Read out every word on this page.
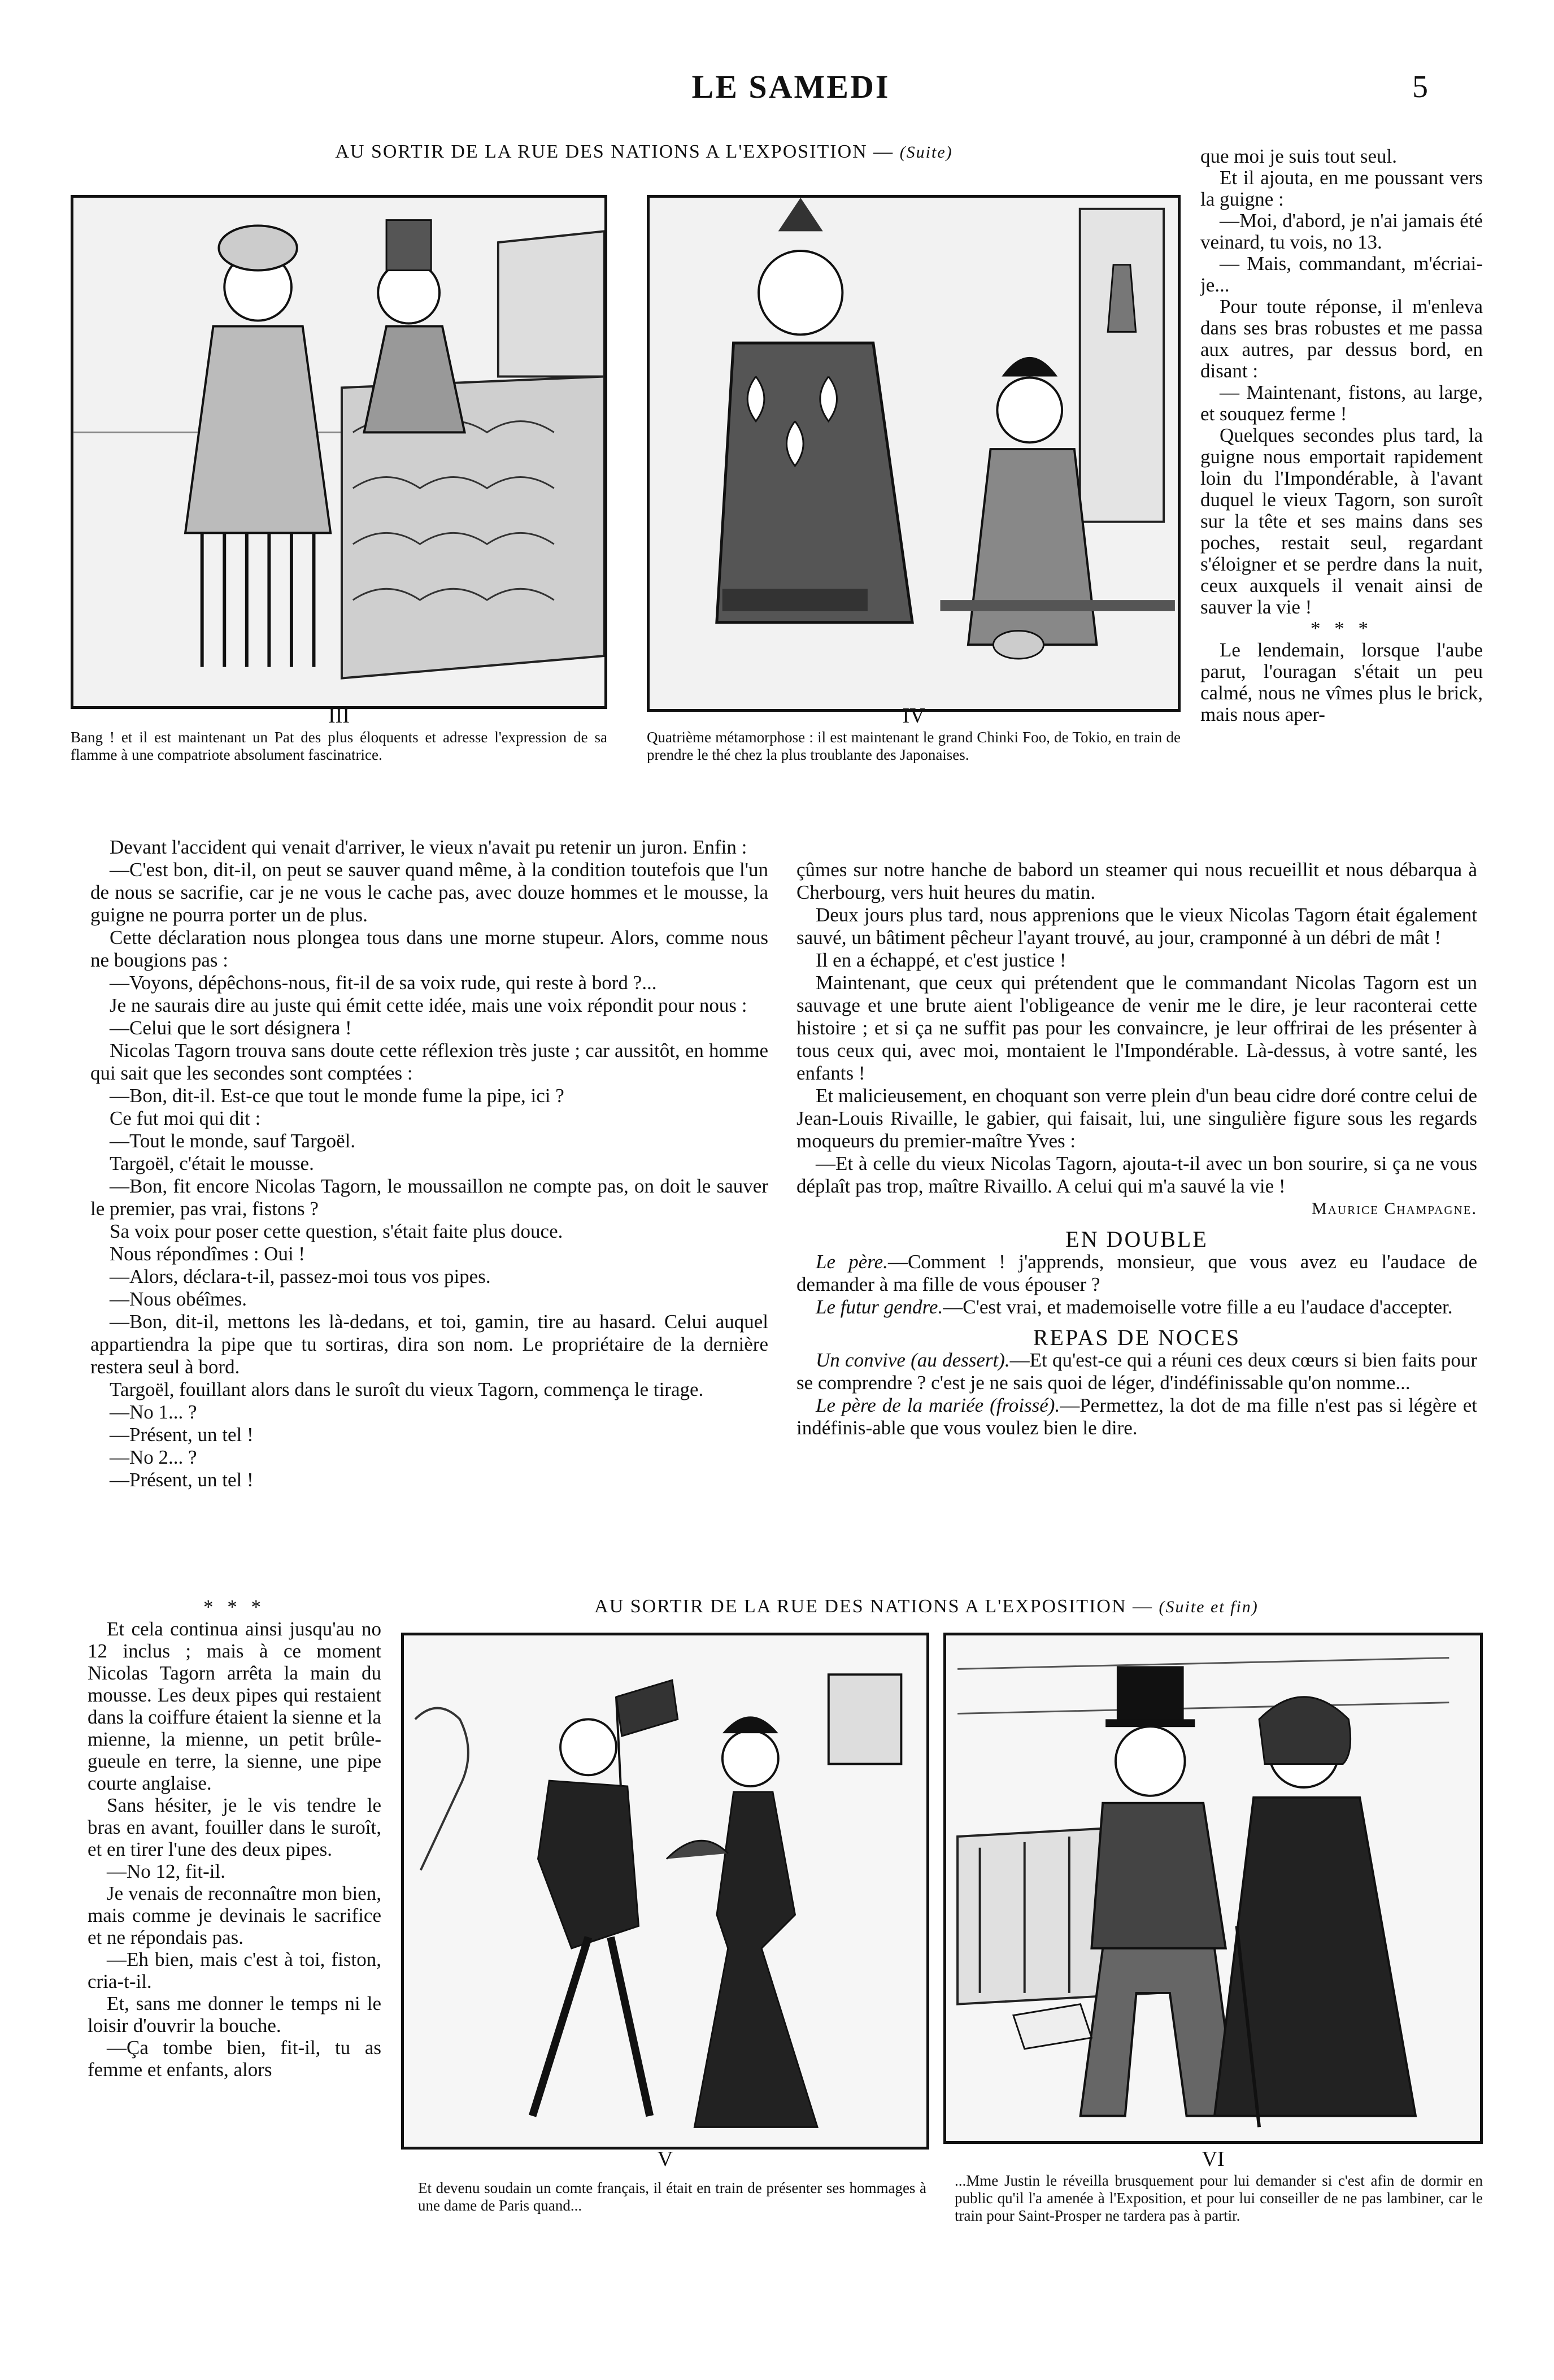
LE SAMEDI	5
AU SORTIR DE LA RUE DES NATIONS A L'EXPOSITION — (Suite)
III
Bang ! et il est maintenant un Pat des plus éloquents et adresse l'expression de sa flamme à une compatriote absolument fascinatrice.
IV
Quatrième métamorphose : il est maintenant le grand Chinki Foo, de Tokio, en train de prendre le thé chez la plus troublante des Japonaises.

que moi je suis tout seul.

Et il ajouta, en me poussant vers la guigne :

—Moi, d'abord, je n'ai jamais été veinard, tu vois, no 13.

— Mais, commandant, m'écriai-je...

Pour toute réponse, il m'enleva dans ses bras robustes et me passa aux autres, par dessus bord, en disant :

— Maintenant, fistons, au large, et souquez ferme !

Quelques secondes plus tard, la guigne nous emportait rapidement loin du l'Impondérable, à l'avant duquel le vieux Tagorn, son suroît sur la tête et ses mains dans ses poches, restait seul, regardant s'éloigner et se perdre dans la nuit, ceux auxquels il venait ainsi de sauver la vie !

* * *

Le lendemain, lorsque l'aube parut, l'ouragan s'était un peu calmé, nous ne vîmes plus le brick, mais nous aper-

Devant l'accident qui venait d'arriver, le vieux n'avait pu retenir un juron. Enfin :

—C'est bon, dit-il, on peut se sauver quand même, à la condition toutefois que l'un de nous se sacrifie, car je ne vous le cache pas, avec douze hommes et le mousse, la guigne ne pourra porter un de plus.

Cette déclaration nous plongea tous dans une morne stupeur. Alors, comme nous ne bougions pas :

—Voyons, dépêchons-nous, fit-il de sa voix rude, qui reste à bord ?...

Je ne saurais dire au juste qui émit cette idée, mais une voix répondit pour nous :

—Celui que le sort désignera !

Nicolas Tagorn trouva sans doute cette réflexion très juste ; car aussitôt, en homme qui sait que les secondes sont comptées :

—Bon, dit-il. Est-ce que tout le monde fume la pipe, ici ?

Ce fut moi qui dit :

—Tout le monde, sauf Targoël.

Targoël, c'était le mousse.

—Bon, fit encore Nicolas Tagorn, le moussaillon ne compte pas, on doit le sauver le premier, pas vrai, fistons ?

Sa voix pour poser cette question, s'était faite plus douce.

Nous répondîmes : Oui !

—Alors, déclara-t-il, passez-moi tous vos pipes.

—Nous obéîmes.

—Bon, dit-il, mettons les là-dedans, et toi, gamin, tire au hasard. Celui auquel appartiendra la pipe que tu sortiras, dira son nom. Le propriétaire de la dernière restera seul à bord.

Targoël, fouillant alors dans le suroît du vieux Tagorn, commença le tirage.

—No 1... ?

—Présent, un tel !

—No 2... ?

—Présent, un tel !

çûmes sur notre hanche de babord un steamer qui nous recueillit et nous débarqua à Cherbourg, vers huit heures du matin.

Deux jours plus tard, nous apprenions que le vieux Nicolas Tagorn était également sauvé, un bâtiment pêcheur l'ayant trouvé, au jour, cramponné à un débri de mât !

Il en a échappé, et c'est justice !

Maintenant, que ceux qui prétendent que le commandant Nicolas Tagorn est un sauvage et une brute aient l'obligeance de venir me le dire, je leur raconterai cette histoire ; et si ça ne suffit pas pour les convaincre, je leur offrirai de les présenter à tous ceux qui, avec moi, montaient le l'Impondérable. Là-dessus, à votre santé, les enfants !

Et malicieusement, en choquant son verre plein d'un beau cidre doré contre celui de Jean-Louis Rivaille, le gabier, qui faisait, lui, une singulière figure sous les regards moqueurs du premier-maître Yves :

—Et à celle du vieux Nicolas Tagorn, ajouta-t-il avec un bon sourire, si ça ne vous déplaît pas trop, maître Rivaillo. A celui qui m'a sauvé la vie !

Maurice Champagne.
EN DOUBLE

Le père.—Comment ! j'apprends, monsieur, que vous avez eu l'audace de demander à ma fille de vous épouser ?

Le futur gendre.—C'est vrai, et mademoiselle votre fille a eu l'audace d'accepter.

REPAS DE NOCES

Un convive (au dessert).—Et qu'est-ce qui a réuni ces deux cœurs si bien faits pour se comprendre ? c'est je ne sais quoi de léger, d'indéfinissable qu'on nomme...

Le père de la mariée (froissé).—Permettez, la dot de ma fille n'est pas si légère et indéfinis-able que vous voulez bien le dire.

AU SORTIR DE LA RUE DES NATIONS A L'EXPOSITION — (Suite et fin)

* * *

Et cela continua ainsi jusqu'au no 12 inclus ; mais à ce moment Nicolas Tagorn arrêta la main du mousse. Les deux pipes qui restaient dans la coiffure étaient la sienne et la mienne, la mienne, un petit brûle-gueule en terre, la sienne, une pipe courte anglaise.

Sans hésiter, je le vis tendre le bras en avant, fouiller dans le suroît, et en tirer l'une des deux pipes.

—No 12, fit-il.

Je venais de reconnaître mon bien, mais comme je devinais le sacrifice et ne répondais pas.

—Eh bien, mais c'est à toi, fiston, cria-t-il.

Et, sans me donner le temps ni le loisir d'ouvrir la bouche.

—Ça tombe bien, fit-il, tu as femme et enfants, alors

V
Et devenu soudain un comte français, il était en train de présenter ses hommages à une dame de Paris quand...
VI
...Mme Justin le réveilla brusquement pour lui demander si c'est afin de dormir en public qu'il l'a amenée à l'Exposition, et pour lui conseiller de ne pas lambiner, car le train pour Saint-Prosper ne tardera pas à partir.
